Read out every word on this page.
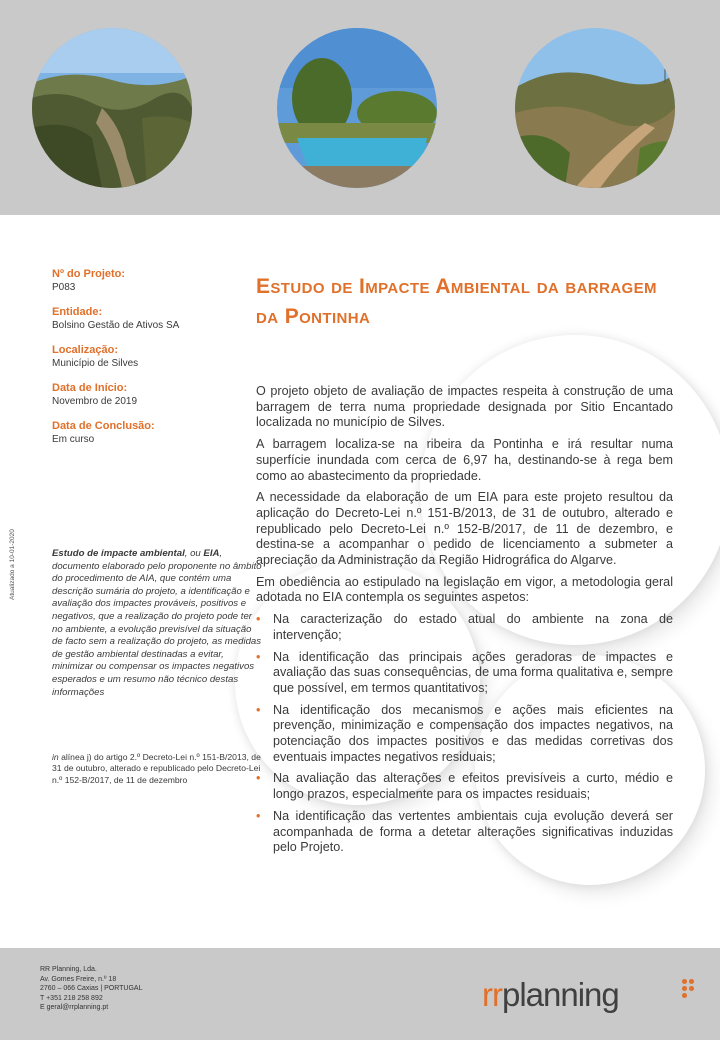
Nº do Projeto:
P083
Entidade:
Bolsino Gestão de Ativos SA
Localização:
Município de Silves
Data de Início:
Novembro de 2019
Data de Conclusão:
Em curso
Atualizado a 10-01-2020	Estudo de impacte ambiental, ou EIA, documento elaborado pelo proponente no âmbito do procedimento de AIA, que contém uma descrição sumária do projeto, a identificação e avaliação dos impactes prováveis, positivos e negativos, que a realização do projeto pode ter no ambiente, a evolução previsível da situação de facto sem a realização do projeto, as medidas de gestão ambiental destinadas a evitar, minimizar ou compensar os impactes negativos esperados e um resumo não técnico destas informações
in alínea j) do artigo 2.º Decreto-Lei n.º 151-B/2013, de 31 de outubro, alterado e republicado pelo Decreto-Lei n.º 152-B/2017, de 11 de dezembro
Estudo de Impacte Ambiental da barragem da Pontinha

O projeto objeto de avaliação de impactes respeita à construção de uma barragem de terra numa propriedade designada por Sitio Encantado localizada no município de Silves.

A barragem localiza-se na ribeira da Pontinha e irá resultar numa superfície inundada com cerca de 6,97 ha, destinando-se à rega bem como ao abastecimento da propriedade.

A necessidade da elaboração de um EIA para este projeto resultou da aplicação do Decreto-Lei n.º 151-B/2013, de 31 de outubro, alterado e republicado pelo Decreto-Lei n.º 152-B/2017, de 11 de dezembro, e destina-se a acompanhar o pedido de licenciamento a submeter a apreciação da Administração da Região Hidrográfica do Algarve.

Em obediência ao estipulado na legislação em vigor, a metodologia geral adotada no EIA contempla os seguintes aspetos:

• Na caracterização do estado atual do ambiente na zona de intervenção;
• Na identificação das principais ações geradoras de impactes e avaliação das suas consequências, de uma forma qualitativa e, sempre que possível, em termos quantitativos;
• Na identificação dos mecanismos e ações mais eficientes na prevenção, minimização e compensação dos impactes negativos, na potenciação dos impactes positivos e das medidas corretivas dos eventuais impactes negativos residuais;
• Na avaliação das alterações e efeitos previsíveis a curto, médio e longo prazos, especialmente para os impactes residuais;
• Na identificação das vertentes ambientais cuja evolução deverá ser acompanhada de forma a detetar alterações significativas induzidas pelo Projeto.
RR Planning, Lda.
Av. Gomes Freire, n.º 18
2760 – 066 Caxias | PORTUGAL
T +351 218 258 892
E geral@rrplanning.pt	rrplanning
